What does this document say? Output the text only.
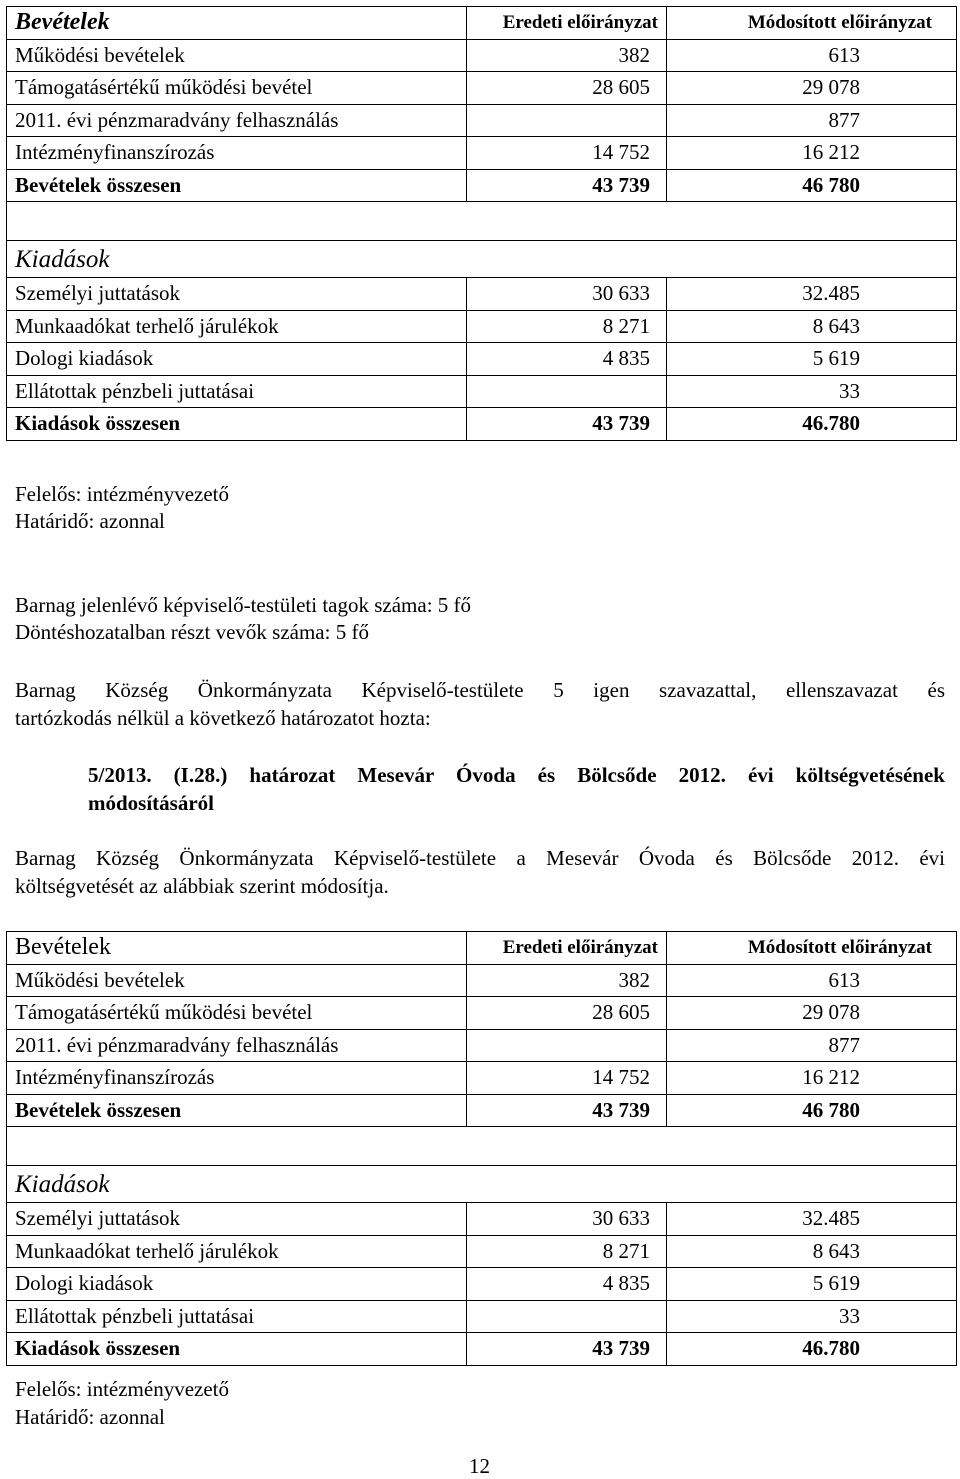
Bevételek	Eredeti előirányzat	Módosított előirányzat
Működési bevételek	382	613
Támogatásértékű működési bevétel	28 605	29 078
2011. évi pénzmaradvány felhasználás		877
Intézményfinanszírozás	14 752	16 212
Bevételek összesen	43 739	46 780

Kiadások		
Személyi juttatások	30 633	32.485
Munkaadókat terhelő járulékok	8 271	8 643
Dologi kiadások	4 835	5 619
Ellátottak pénzbeli juttatásai		33
Kiadások összesen	43 739	46.780
Felelős: intézményvezető
Határidő: azonnal
Barnag jelenlévő képviselő-testületi tagok száma: 5 fő
Döntéshozatalban részt vevők száma: 5 fő
Barnag Község Önkormányzata Képviselő-testülete 5 igen szavazattal, ellenszavazat és
tartózkodás nélkül a következő határozatot hozta:
5/2013. (I.28.) határozat Mesevár Óvoda és Bölcsőde 2012. évi költségvetésének
módosításáról
Barnag Község Önkormányzata Képviselő-testülete a Mesevár Óvoda és Bölcsőde 2012. évi
költségvetését az alábbiak szerint módosítja.
Bevételek	Eredeti előirányzat	Módosított előirányzat
Működési bevételek	382	613
Támogatásértékű működési bevétel	28 605	29 078
2011. évi pénzmaradvány felhasználás		877
Intézményfinanszírozás	14 752	16 212
Bevételek összesen	43 739	46 780

Kiadások		
Személyi juttatások	30 633	32.485
Munkaadókat terhelő járulékok	8 271	8 643
Dologi kiadások	4 835	5 619
Ellátottak pénzbeli juttatásai		33
Kiadások összesen	43 739	46.780
Felelős: intézményvezető
Határidő: azonnal
12
